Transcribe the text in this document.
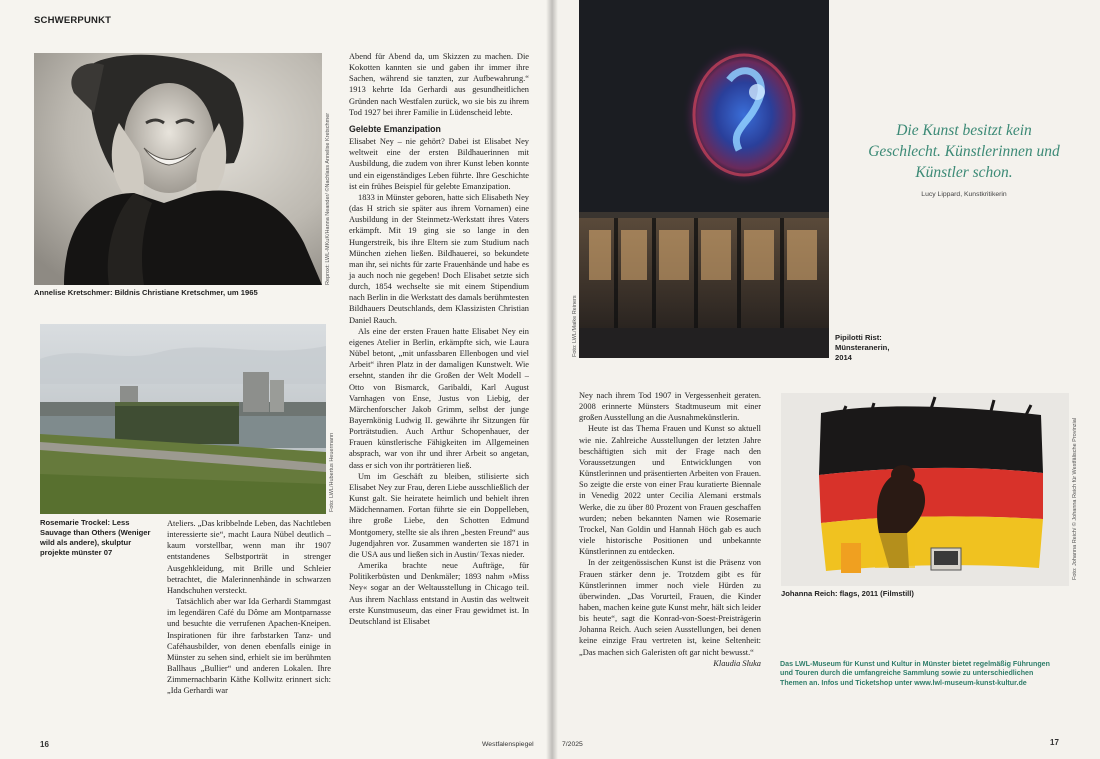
SCHWERPUNKT
Reproxt: LWL-MKuK/Hanna Neander/ ©Nachlass Annelise Kretschmer
Annelise Kretschmer: Bildnis Christiane Kretschmer, um 1965
Foto: LWL/Hubertus Heuermann
Rosemarie Trockel: Less Sauvage than Others (Weniger wild als andere), skulptur projekte münster 07

Ateliers. „Das kribbelnde Leben, das Nachtleben interessierte sie“, macht Laura Nübel deutlich – kaum vorstellbar, wenn man ihr 1907 entstandenes Selbstporträt in strenger Ausgehkleidung, mit Brille und Schleier betrachtet, die Malerinnenhände in schwarzen Handschuhen versteckt.

Tatsächlich aber war Ida Gerhardi Stammgast im legendären Café du Dôme am Montparnasse und besuchte die verrufenen Apachen-Kneipen. Inspirationen für ihre farbstarken Tanz- und Caféhausbilder, von denen ebenfalls einige in Münster zu sehen sind, erhielt sie im berühmten Ballhaus „Bullier“ und anderen Lokalen. Ihre Zimmernachbarin Käthe Kollwitz erinnert sich: „Ida Gerhardi war

Abend für Abend da, um Skizzen zu machen. Die Kokotten kannten sie und gaben ihr immer ihre Sachen, während sie tanzten, zur Aufbewahrung.“ 1913 kehrte Ida Gerhardi aus gesundheitlichen Gründen nach Westfalen zurück, wo sie bis zu ihrem Tod 1927 bei ihrer Familie in Lüdenscheid lebte.

Gelebte Emanzipation

Elisabet Ney – nie gehört? Dabei ist Elisabet Ney weltweit eine der ersten Bildhauerinnen mit Ausbildung, die zudem von ihrer Kunst leben konnte und ein eigenständiges Leben führte. Ihre Geschichte ist ein frühes Beispiel für gelebte Emanzipation.

1833 in Münster geboren, hatte sich Elisabeth Ney (das H strich sie später aus ihrem Vornamen) eine Ausbildung in der Steinmetz-Werkstatt ihres Vaters erkämpft. Mit 19 ging sie so lange in den Hungerstreik, bis ihre Eltern sie zum Studium nach München ziehen ließen. Bildhauerei, so bekundete man ihr, sei nichts für zarte Frauenhände und habe es ja auch noch nie gegeben! Doch Elisabet setzte sich durch, 1854 wechselte sie mit einem Stipendium nach Berlin in die Werkstatt des damals berühmtesten Bildhauers Deutschlands, dem Klassizisten Christian Daniel Rauch.

Als eine der ersten Frauen hatte Elisabet Ney ein eigenes Atelier in Berlin, erkämpfte sich, wie Laura Nübel betont, „mit unfassbaren Ellenbogen und viel Arbeit“ ihren Platz in der damaligen Kunstwelt. Wie ersehnt, standen ihr die Großen der Welt Modell – Otto von Bismarck, Garibaldi, Karl August Varnhagen von Ense, Justus von Liebig, der Märchenforscher Jakob Grimm, selbst der junge Bayernkönig Ludwig II. gewährte ihr Sitzungen für Porträtstudien. Auch Arthur Schopenhauer, der Frauen künstlerische Fähigkeiten im Allgemeinen absprach, war von ihr und ihrer Arbeit so angetan, dass er sich von ihr porträtieren ließ.

Um im Geschäft zu bleiben, stilisierte sich Elisabet Ney zur Frau, deren Liebe ausschließlich der Kunst galt. Sie heiratete heimlich und behielt ihren Mädchennamen. Fortan führte sie ein Doppelleben, ihre große Liebe, den Schotten Edmund Montgomery, stellte sie als ihren „besten Freund“ aus Jugendjahren vor. Zusammen wanderten sie 1871 in die USA aus und ließen sich in Austin/ Texas nieder.

Amerika brachte neue Aufträge, für Politikerbüsten und Denkmäler; 1893 nahm »Miss Ney« sogar an der Weltausstellung in Chicago teil. Aus ihrem Nachlass entstand in Austin das weltweit erste Kunstmuseum, das einer Frau gewidmet ist. In Deutschland ist Elisabet

16	Westfalenspiegel
Foto: LWL/Maike Reiners	Pipilotti Rist:
Münsteranerin,
2014
Die Kunst besitzt kein Geschlecht. Künstlerinnen und Künstler schon.
Lucy Lippard, Kunstkritikerin

Ney nach ihrem Tod 1907 in Vergessenheit geraten. 2008 erinnerte Münsters Stadtmuseum mit einer großen Ausstellung an die Ausnahmekünstlerin.

Heute ist das Thema Frauen und Kunst so aktuell wie nie. Zahlreiche Ausstellungen der letzten Jahre beschäftigten sich mit der Frage nach den Voraussetzungen und Entwicklungen von Künstlerinnen und präsentierten Arbeiten von Frauen. So zeigte die erste von einer Frau kuratierte Biennale in Venedig 2022 unter Cecilia Alemani erstmals Werke, die zu über 80 Prozent von Frauen geschaffen wurden; neben bekannten Namen wie Rosemarie Trockel, Nan Goldin und Hannah Höch gab es auch viele historische Positionen und unbekannte Künstlerinnen zu entdecken.

In der zeitgenössischen Kunst ist die Präsenz von Frauen stärker denn je. Trotzdem gibt es für Künstlerinnen immer noch viele Hürden zu überwinden. „Das Vorurteil, Frauen, die Kinder haben, machen keine gute Kunst mehr, hält sich leider bis heute“, sagt die Konrad-von-Soest-Preisträgerin Johanna Reich. Auch seien Ausstellungen, bei denen keine einzige Frau vertreten ist, keine Seltenheit: „Das machen sich Galeristen oft gar nicht bewusst.“

Klaudia Sluka

Foto: Johanna Reich/ © Johanna Reich für Westfälische Provinzial
Johanna Reich: flags, 2011 (Filmstill)
Das LWL-Museum für Kunst und Kultur in Münster bietet regelmäßig Führungen und Touren durch die umfangreiche Sammlung sowie zu unterschiedlichen Themen an. Infos und Ticketshop unter www.lwl-museum-kunst-kultur.de
7/2025	17
